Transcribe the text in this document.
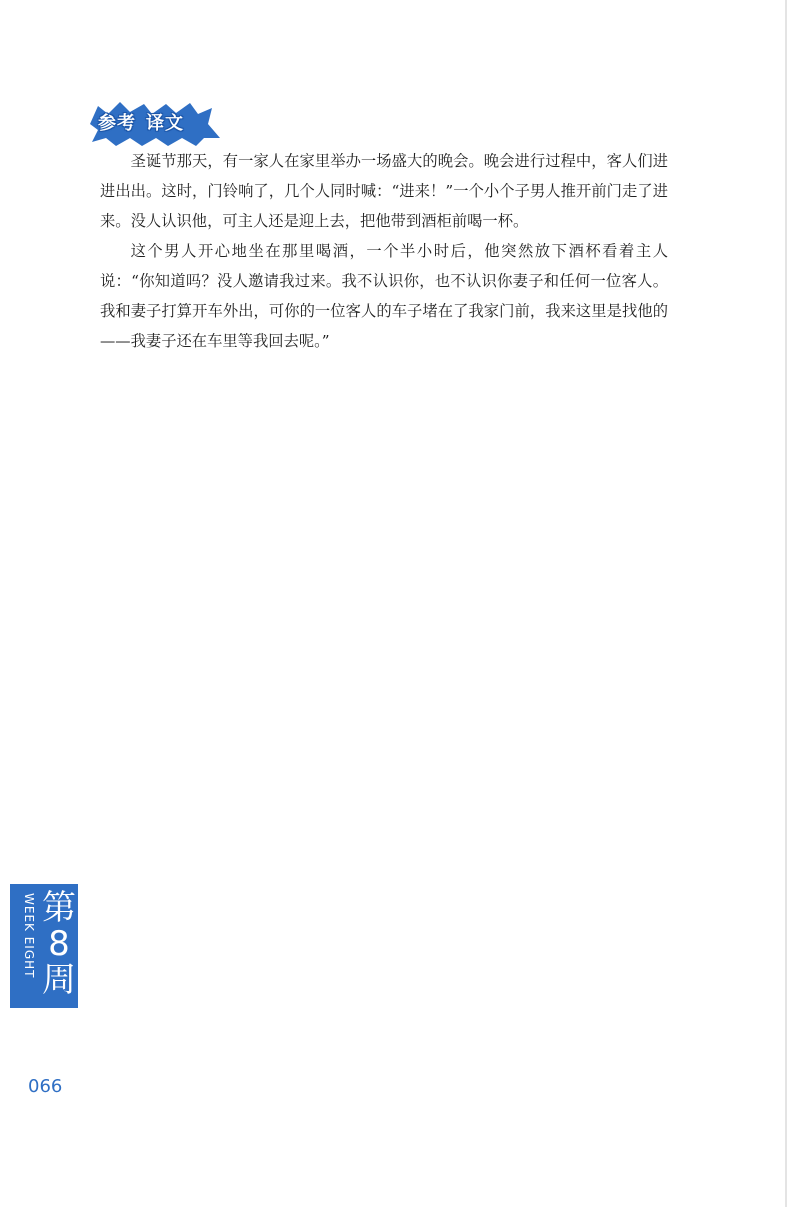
参考 译文

圣诞节那天，有一家人在家里举办一场盛大的晚会。晚会进行过程中，客人们进进出出。这时，门铃响了，几个人同时喊：“进来！”一个小个子男人推开前门走了进来。没人认识他，可主人还是迎上去，把他带到酒柜前喝一杯。

这个男人开心地坐在那里喝酒，一个半小时后，他突然放下酒杯看着主人说：“你知道吗？没人邀请我过来。我不认识你，也不认识你妻子和任何一位客人。我和妻子打算开车外出，可你的一位客人的车子堵在了我家门前，我来这里是找他的——我妻子还在车里等我回去呢。”

WEEK EIGHT 第
8
周
066
